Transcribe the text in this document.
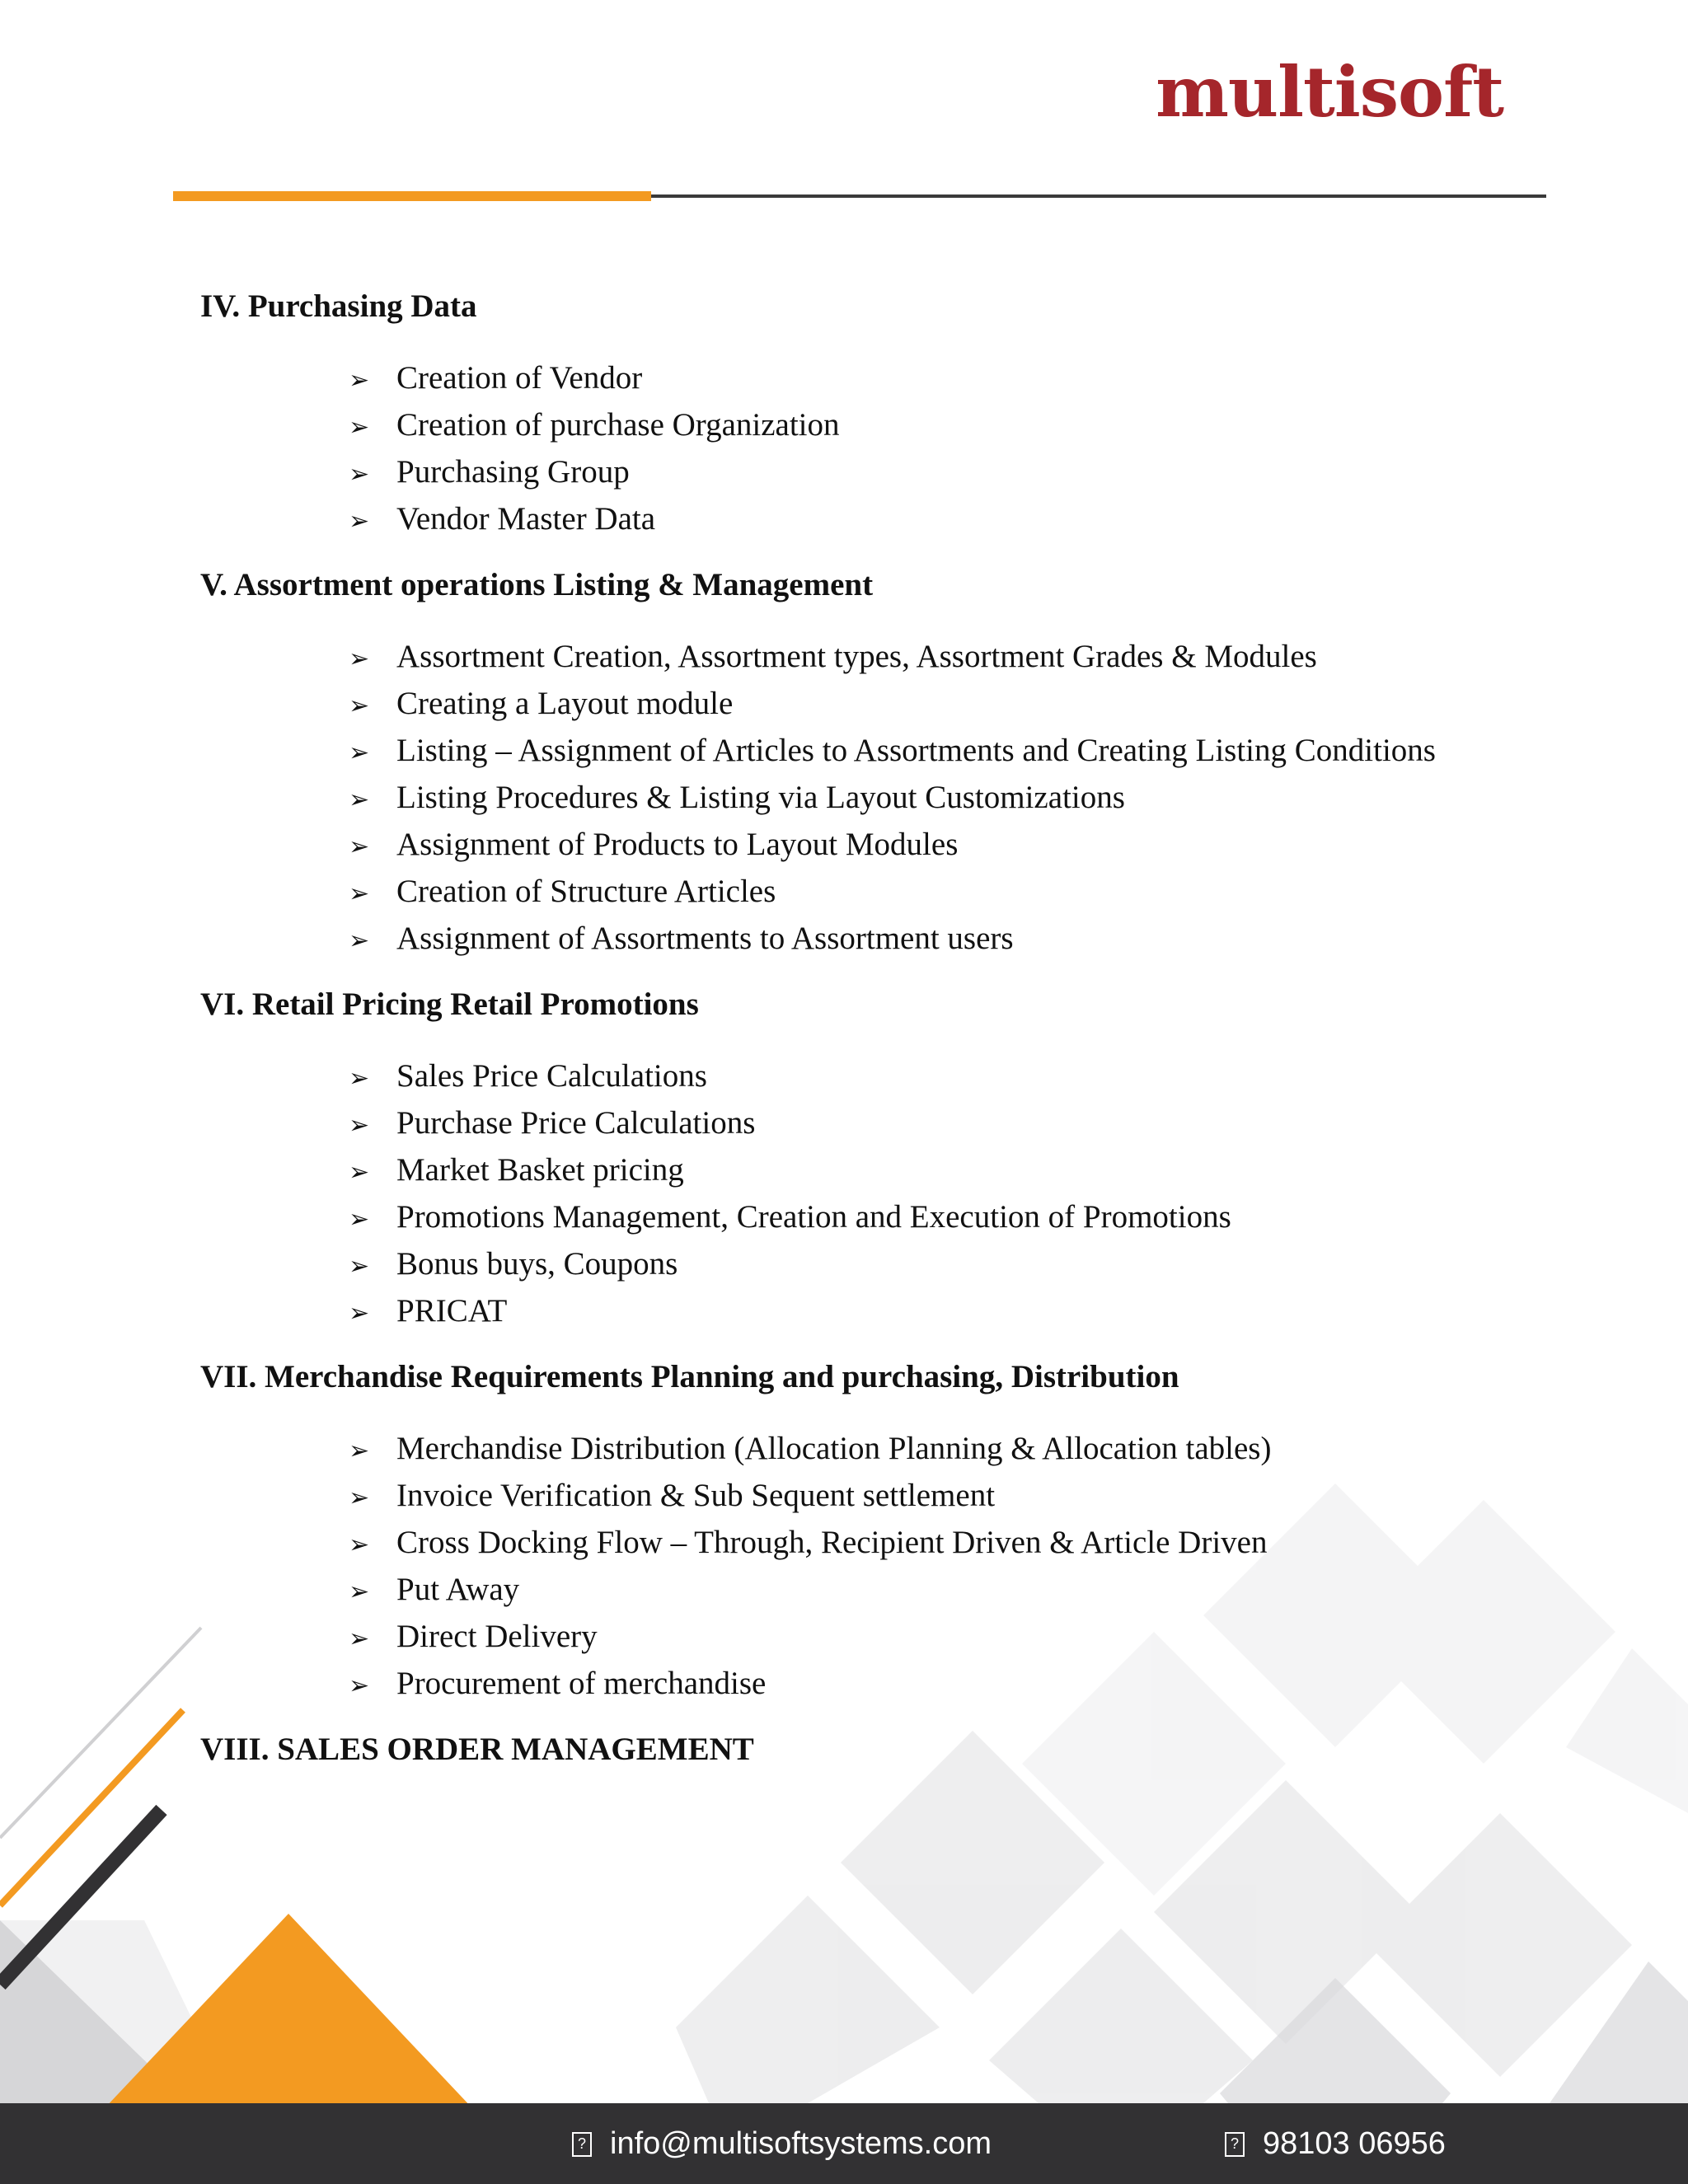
multisoft
IV. Purchasing Data
➢ Creation of Vendor
➢ Creation of purchase Organization
➢ Purchasing Group
➢ Vendor Master Data
V. Assortment operations Listing & Management
➢ Assortment Creation, Assortment types, Assortment Grades & Modules
➢ Creating a Layout module
➢ Listing – Assignment of Articles to Assortments and Creating Listing Conditions
➢ Listing Procedures & Listing via Layout Customizations
➢ Assignment of Products to Layout Modules
➢ Creation of Structure Articles
➢ Assignment of Assortments to Assortment users
VI. Retail Pricing Retail Promotions
➢ Sales Price Calculations
➢ Purchase Price Calculations
➢ Market Basket pricing
➢ Promotions Management, Creation and Execution of Promotions
➢ Bonus buys, Coupons
➢ PRICAT
VII. Merchandise Requirements Planning and purchasing, Distribution
➢ Merchandise Distribution (Allocation Planning & Allocation tables)
➢ Invoice Verification & Sub Sequent settlement
➢ Cross Docking Flow – Through, Recipient Driven & Article Driven
➢ Put Away
➢ Direct Delivery
➢ Procurement of merchandise
VIII. SALES ORDER MANAGEMENT
? info@multisoftsystems.com	? 98103 06956
